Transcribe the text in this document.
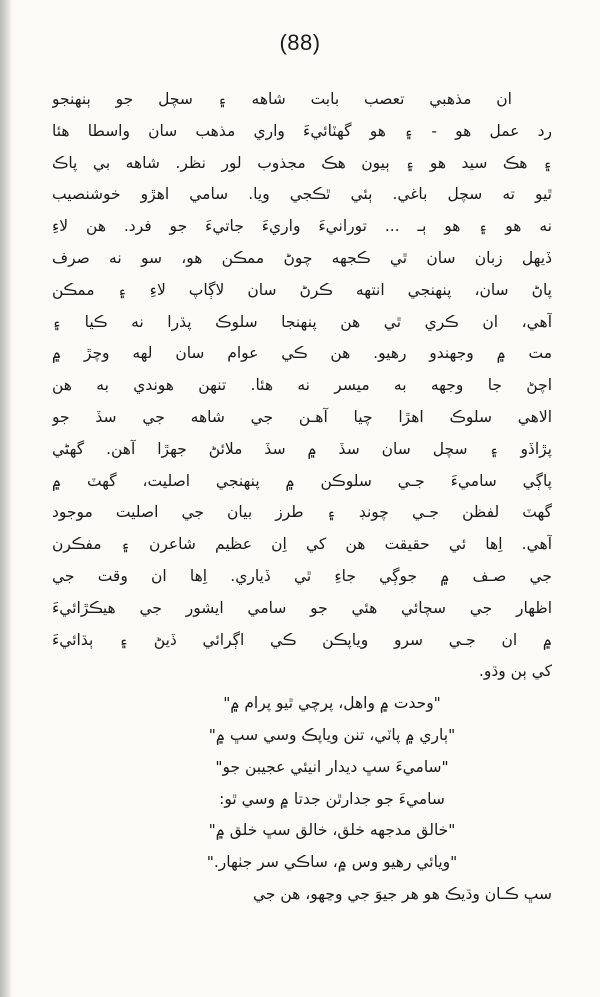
(88)
ان مذهبي تعصب بابت شاهه ۽ سچل جو ٻنهنجو
رد عمل هو - ۽ هو گهٽائيءَ واري مذهب سان واسطا هئا
۽ هڪ سيد هو ۽ ٻيون هڪ مجذوب لور نظر. شاهه بي پاڪ
ٿيو ته سچل باغي. ٻئي ٿڪجي ويا. سامي اهڙو خوشنصيب
نه هو ۽ هو ٻـ ... تورانيءَ واريءَ جاتيءَ جو فرد. هن لاءِ
ڏيهل زبان سان ٿي ڪجهه چوڻ ممڪن هو، سو نه صرف
پاڻ سان، پنهنجي انتهه ڪرڻ سان لاڳاپ لاءِ ۽ ممڪن
آهي، ان ڪري ٿي هن پنهنجا سلوڪ پڌرا نه ڪيا ۽
مت ۾ وجهندو رهيو. هن ڪي عوام سان لهه وچڙ ۾
اچڻ جا وجهه به ميسر نه هئا. تنهن هوندي به هن
الاهي سلوڪ اهڙا چيا آهـن جي شاهه جي سڏ جو
پڙاڏو ۽ سچل سان سڏ ۾ سڏ ملائڻ جهڙا آهن. گهڻي
پاڳي ساميءَ جـي سلوڪن ۾ پنهنجي اصليت، گهٽ ۾
گهٽ لفظن جـي چونڊ ۽ طرز بيان جي اصليت موجود
آهي. اِها ئي حقيقت هن کي اِن عظيم شاعرن ۽ مفڪرن
جي صـف ۾ جوڳي جاءِ ٿي ڏياري. اِها ان وقت جي
اظهار جي سچائي هئي جو سامي ايشور جي هيڪڙائيءَ
۾ ان جـي سرو وياپڪن ڪي اڳرائي ڏيڻ ۽ ٻڌائيءَ
کي ٻن وڌو.
"وحدت ۾ واهل، پرچي ٿيو پرام ۾"
"ٻاري ۾ پاٽي، تنن وياپڪ وسي سڀ ۾"
"ساميءَ سڀ ديدار انيئي عجيبن جو"
ساميءَ جو جدارٿن جدتا ۾ وسي ٿو:
"خالق مدجهه خلق، خالق سڀ خلق ۾"
"ويائي رهيو وس ۾، ساڪي سر جٺهار."
سڀ ڪـان وڌيڪ هو هر جيوَ جي وڃهو، هن جي
